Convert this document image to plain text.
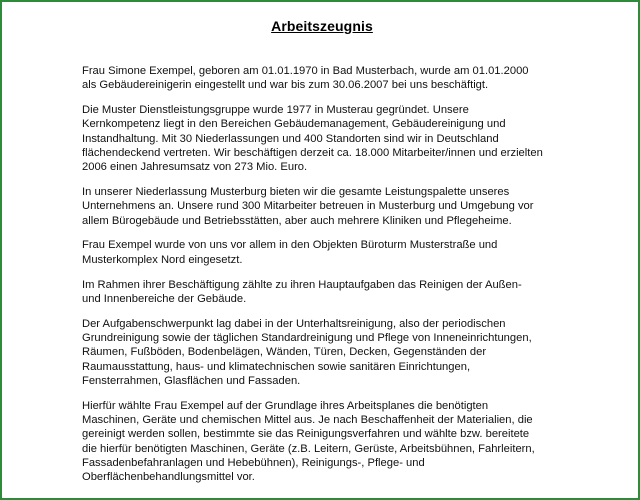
Arbeitszeugnis

Frau Simone Exempel, geboren am 01.01.1970 in Bad Musterbach, wurde am 01.01.2000
als Gebäudereinigerin eingestellt und war bis zum 30.06.2007 bei uns beschäftigt.

Die Muster Dienstleistungsgruppe wurde 1977 in Musterau gegründet. Unsere
Kernkompetenz liegt in den Bereichen Gebäudemanagement, Gebäudereinigung und
Instandhaltung. Mit 30 Niederlassungen und 400 Standorten sind wir in Deutschland
flächendeckend vertreten. Wir beschäftigen derzeit ca. 18.000 Mitarbeiter/innen und erzielten
2006 einen Jahresumsatz von 273 Mio. Euro.

In unserer Niederlassung Musterburg bieten wir die gesamte Leistungspalette unseres
Unternehmens an. Unsere rund 300 Mitarbeiter betreuen in Musterburg und Umgebung vor
allem Bürogebäude und Betriebsstätten, aber auch mehrere Kliniken und Pflegeheime.

Frau Exempel wurde von uns vor allem in den Objekten Büroturm Musterstraße und
Musterkomplex Nord eingesetzt.

Im Rahmen ihrer Beschäftigung zählte zu ihren Hauptaufgaben das Reinigen der Außen-
und Innenbereiche der Gebäude.

Der Aufgabenschwerpunkt lag dabei in der Unterhaltsreinigung, also der periodischen
Grundreinigung sowie der täglichen Standardreinigung und Pflege von Inneneinrichtungen,
Räumen, Fußböden, Bodenbelägen, Wänden, Türen, Decken, Gegenständen der
Raumausstattung, haus- und klimatechnischen sowie sanitären Einrichtungen,
Fensterrahmen, Glasflächen und Fassaden.

Hierfür wählte Frau Exempel auf der Grundlage ihres Arbeitsplanes die benötigten
Maschinen, Geräte und chemischen Mittel aus. Je nach Beschaffenheit der Materialien, die
gereinigt werden sollen, bestimmte sie das Reinigungsverfahren und wählte bzw. bereitete
die hierfür benötigten Maschinen, Geräte (z.B. Leitern, Gerüste, Arbeitsbühnen, Fahrleitern,
Fassadenbefahranlagen und Hebebühnen), Reinigungs-, Pflege- und
Oberflächenbehandlungsmittel vor.
